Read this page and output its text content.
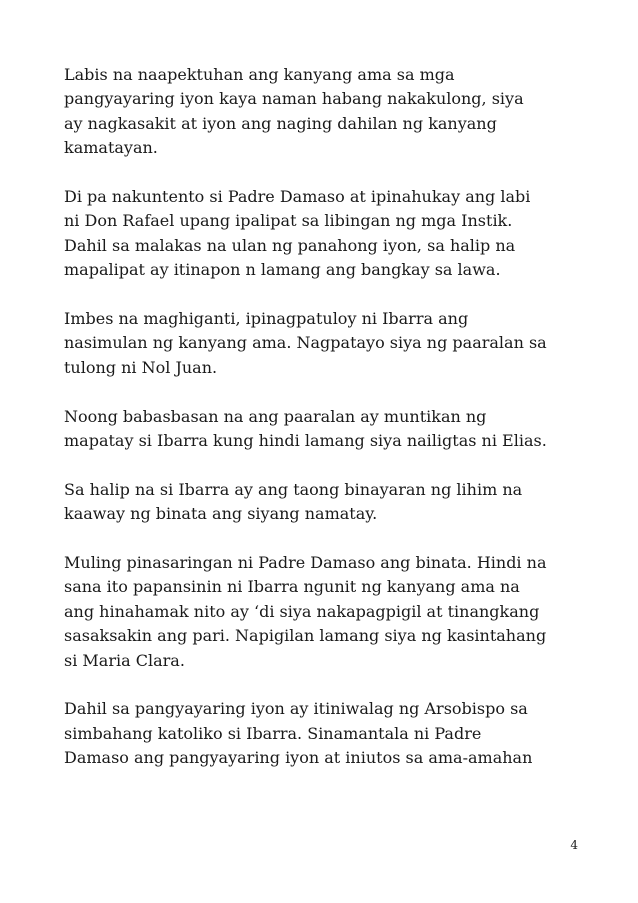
Labis na naapektuhan ang kanyang ama sa mga
pangyayaring iyon kaya naman habang nakakulong, siya
ay nagkasakit at iyon ang naging dahilan ng kanyang
kamatayan.

Di pa nakuntento si Padre Damaso at ipinahukay ang labi
ni Don Rafael upang ipalipat sa libingan ng mga Instik.
Dahil sa malakas na ulan ng panahong iyon, sa halip na
mapalipat ay itinapon n lamang ang bangkay sa lawa.

Imbes na maghiganti, ipinagpatuloy ni Ibarra ang
nasimulan ng kanyang ama. Nagpatayo siya ng paaralan sa
tulong ni Nol Juan.

Noong babasbasan na ang paaralan ay muntikan ng
mapatay si Ibarra kung hindi lamang siya nailigtas ni Elias.

Sa halip na si Ibarra ay ang taong binayaran ng lihim na
kaaway ng binata ang siyang namatay.

Muling pinasaringan ni Padre Damaso ang binata. Hindi na
sana ito papansinin ni Ibarra ngunit ng kanyang ama na
ang hinahamak nito ay ‘di siya nakapagpigil at tinangkang
sasaksakin ang pari. Napigilan lamang siya ng kasintahang
si Maria Clara.

Dahil sa pangyayaring iyon ay itiniwalag ng Arsobispo sa
simbahang katoliko si Ibarra. Sinamantala ni Padre
Damaso ang pangyayaring iyon at iniutos sa ama-amahan

4
